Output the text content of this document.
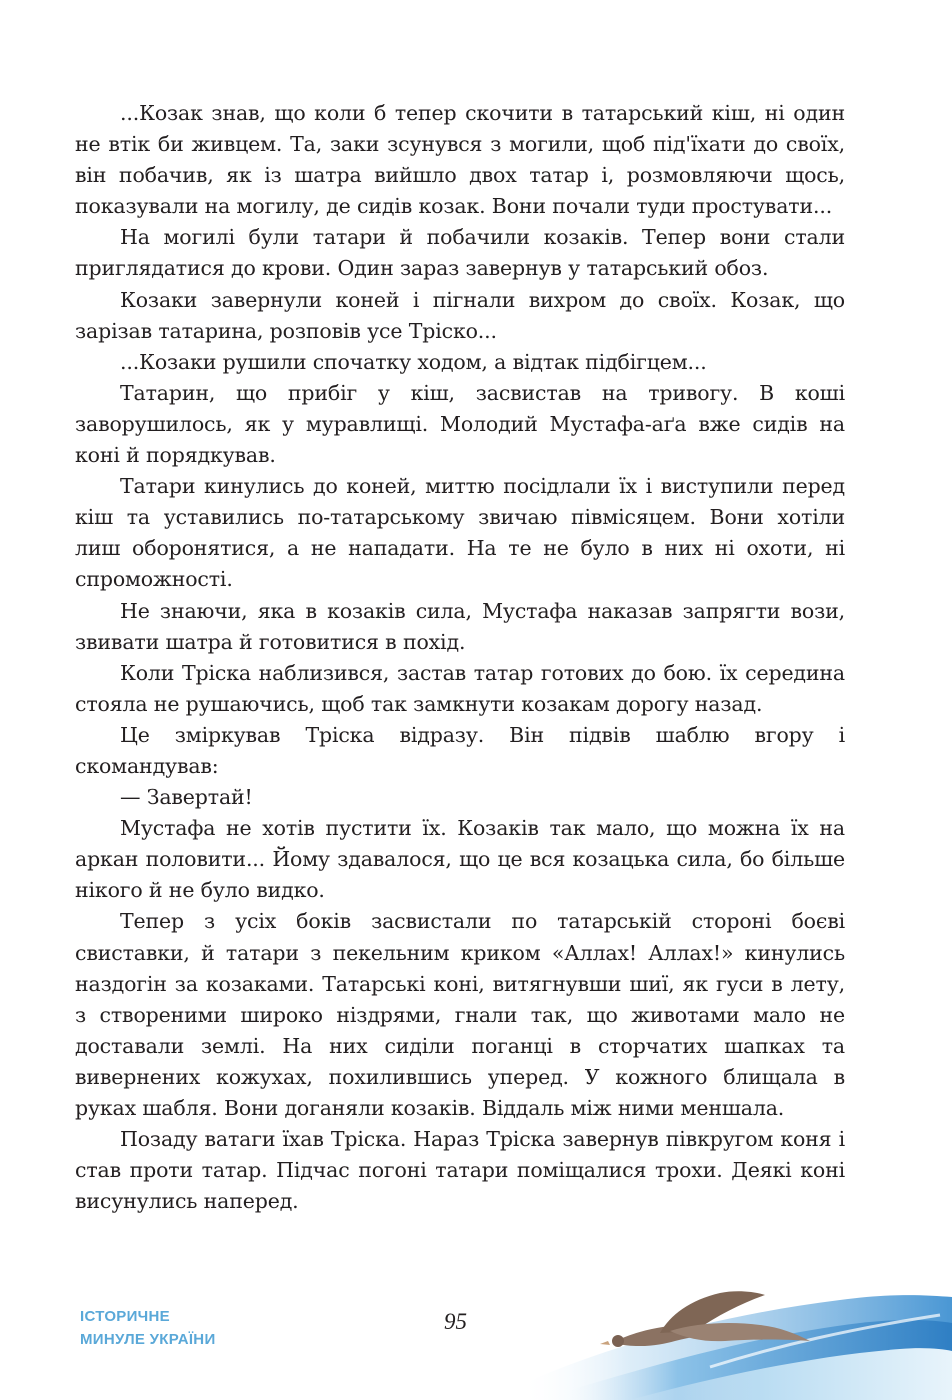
...Козак знав, що коли б тепер скочити в татарський кіш, ні один не втік би живцем. Та, заки зсунувся з могили, щоб під'їхати до своїх, він побачив, як із шатра вийшло двох татар і, розмовляючи щось, показували на могилу, де сидів козак. Вони почали туди простувати...

На могилі були татари й побачили козаків. Тепер вони стали приглядатися до крови. Один зараз завернув у татарський обоз.

Козаки завернули коней і пігнали вихром до своїх. Козак, що зарізав татарина, розповів усе Тріско...

...Козаки рушили спочатку ходом, а відтак підбігцем...

Татарин, що прибіг у кіш, засвистав на тривогу. В коші заворушилось, як у муравлищі. Молодий Мустафа-аґа вже сидів на коні й порядкував.

Татари кинулись до коней, миттю посідлали їх і виступили перед кіш та уставились по-татарському звичаю півмісяцем. Вони хотіли лиш оборонятися, а не нападати. На те не було в них ні охоти, ні спроможності.

Не знаючи, яка в козаків сила, Мустафа наказав запрягти вози, звивати шатра й готовитися в похід.

Коли Тріска наблизився, застав татар готових до бою. їх середина стояла не рушаючись, щоб так замкнути козакам дорогу назад.

Це зміркував Тріска відразу. Він підвів шаблю вгору і скомандував:

— Завертай!

Мустафа не хотів пустити їх. Козаків так мало, що можна їх на аркан половити... Йому здавалося, що це вся козацька сила, бо більше нікого й не було видко.

Тепер з усіх боків засвистали по татарській стороні боєві свиставки, й татари з пекельним криком «Аллах! Аллах!» кинулись наздогін за козаками. Татарські коні, витягнувши шиї, як гуси в лету, з створеними широко ніздрями, гнали так, що животами мало не доставали землі. На них сиділи поганці в сторчатих шапках та вивернених кожухах, похилившись уперед. У кожного блищала в руках шабля. Вони доганяли козаків. Віддаль між ними меншала.

Позаду ватаги їхав Тріска. Нараз Тріска завернув півкругом коня і став проти татар. Підчас погоні татари поміщалися трохи. Деякі коні висунулись наперед.

ІСТОРИЧНЕ
МИНУЛЕ УКРАЇНИ
95
